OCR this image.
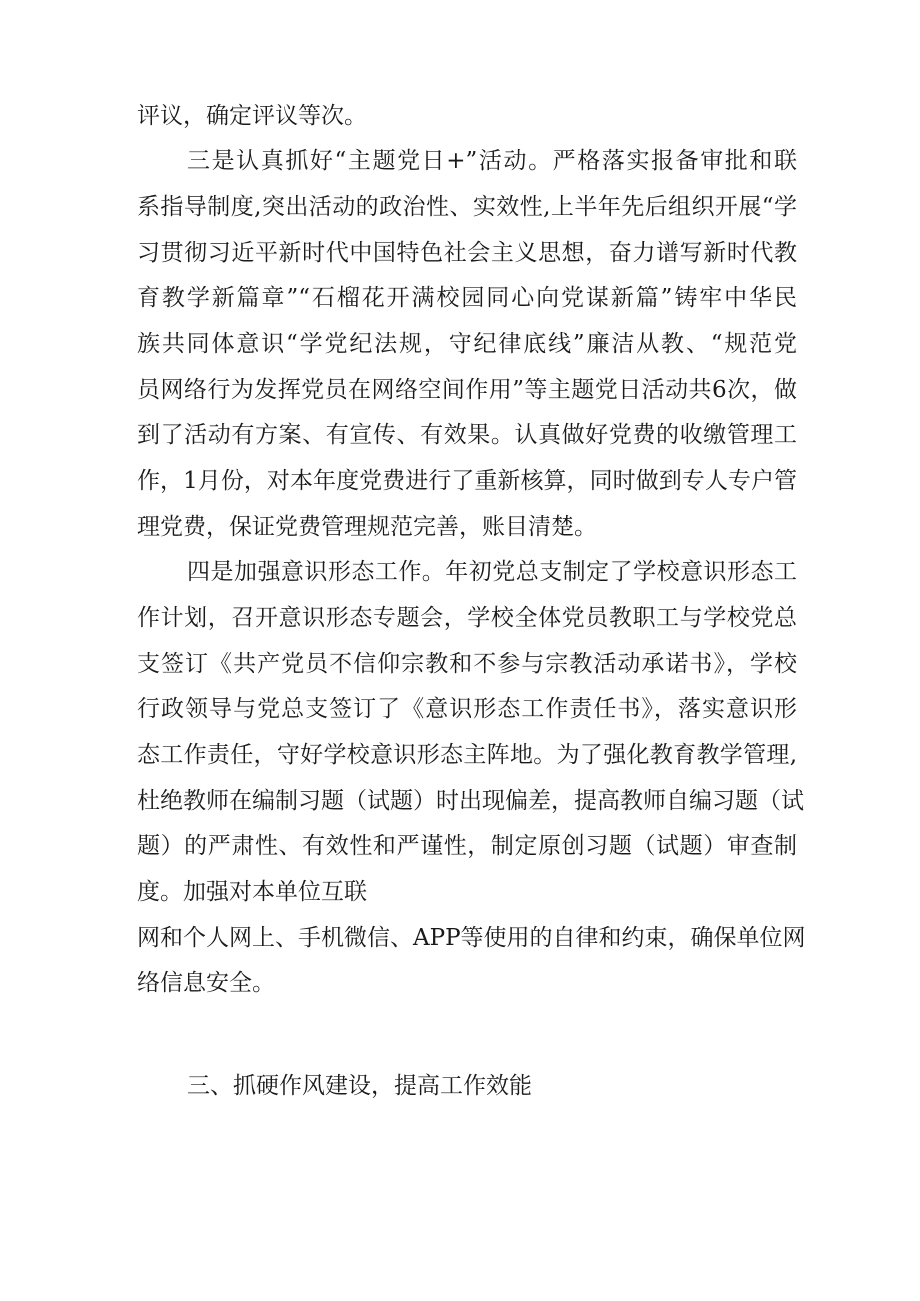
评议，确定评议等次。
三是认真抓好“主题党日+”活动。严格落实报备审批和联
系指导制度,突出活动的政治性、实效性,上半年先后组织开展“学
习贯彻习近平新时代中国特色社会主义思想，奋力谱写新时代教
育教学新篇章”“石榴花开满校园同心向党谋新篇”铸牢中华民
族共同体意识“学党纪法规，守纪律底线”廉洁从教、“规范党
员网络行为发挥党员在网络空间作用”等主题党日活动共6次，做
到了活动有方案、有宣传、有效果。认真做好党费的收缴管理工
作，1月份，对本年度党费进行了重新核算，同时做到专人专户管
理党费，保证党费管理规范完善，账目清楚。
四是加强意识形态工作。年初党总支制定了学校意识形态工
作计划，召开意识形态专题会，学校全体党员教职工与学校党总
支签订《共产党员不信仰宗教和不参与宗教活动承诺书》，学校
行政领导与党总支签订了《意识形态工作责任书》，落实意识形
态工作责任，守好学校意识形态主阵地。为了强化教育教学管理,
杜绝教师在编制习题（试题）时出现偏差，提高教师自编习题（试
题）的严肃性、有效性和严谨性，制定原创习题（试题）审查制
度。加强对本单位互联
网和个人网上、手机微信、APP等使用的自律和约束，确保单位网
络信息安全。
三、抓硬作风建设，提高工作效能
